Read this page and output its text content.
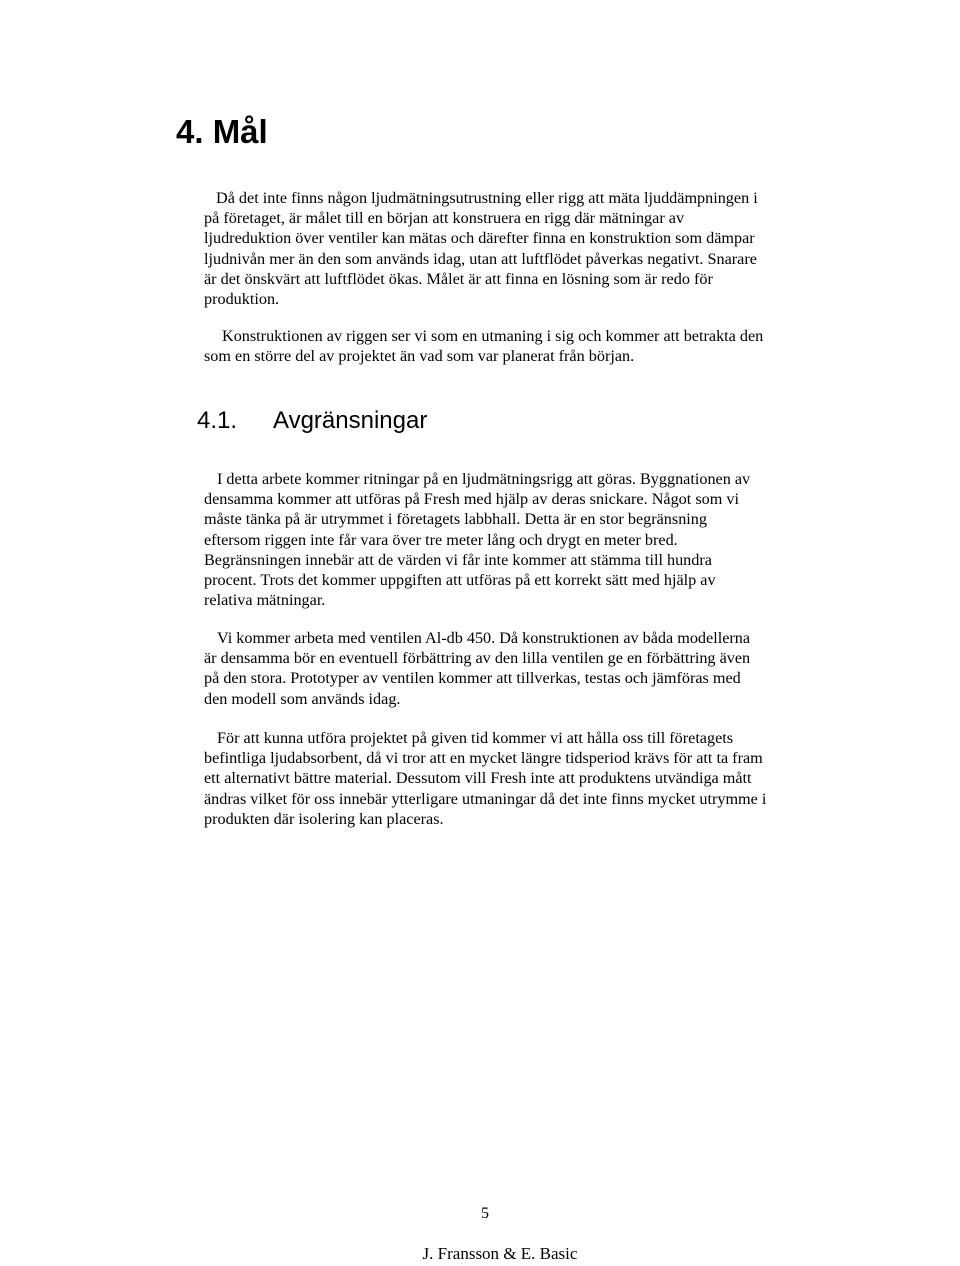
4. Mål
Då det inte finns någon ljudmätningsutrustning eller rigg att mäta ljuddämpningen i
på företaget, är målet till en början att konstruera en rigg där mätningar av
ljudreduktion över ventiler kan mätas och därefter finna en konstruktion som dämpar
ljudnivån mer än den som används idag, utan att luftflödet påverkas negativt. Snarare
är det önskvärt att luftflödet ökas. Målet är att finna en lösning som är redo för
produktion.
Konstruktionen av riggen ser vi som en utmaning i sig och kommer att betrakta den
som en större del av projektet än vad som var planerat från början.
4.1. Avgränsningar
I detta arbete kommer ritningar på en ljudmätningsrigg att göras. Byggnationen av
densamma kommer att utföras på Fresh med hjälp av deras snickare. Något som vi
måste tänka på är utrymmet i företagets labbhall. Detta är en stor begränsning
eftersom riggen inte får vara över tre meter lång och drygt en meter bred.
Begränsningen innebär att de värden vi får inte kommer att stämma till hundra
procent. Trots det kommer uppgiften att utföras på ett korrekt sätt med hjälp av
relativa mätningar.
Vi kommer arbeta med ventilen Al-db 450. Då konstruktionen av båda modellerna
är densamma bör en eventuell förbättring av den lilla ventilen ge en förbättring även
på den stora. Prototyper av ventilen kommer att tillverkas, testas och jämföras med
den modell som används idag.
För att kunna utföra projektet på given tid kommer vi att hålla oss till företagets
befintliga ljudabsorbent, då vi tror att en mycket längre tidsperiod krävs för att ta fram
ett alternativt bättre material. Dessutom vill Fresh inte att produktens utvändiga mått
ändras vilket för oss innebär ytterligare utmaningar då det inte finns mycket utrymme i
produkten där isolering kan placeras.
5
J. Fransson & E. Basic
